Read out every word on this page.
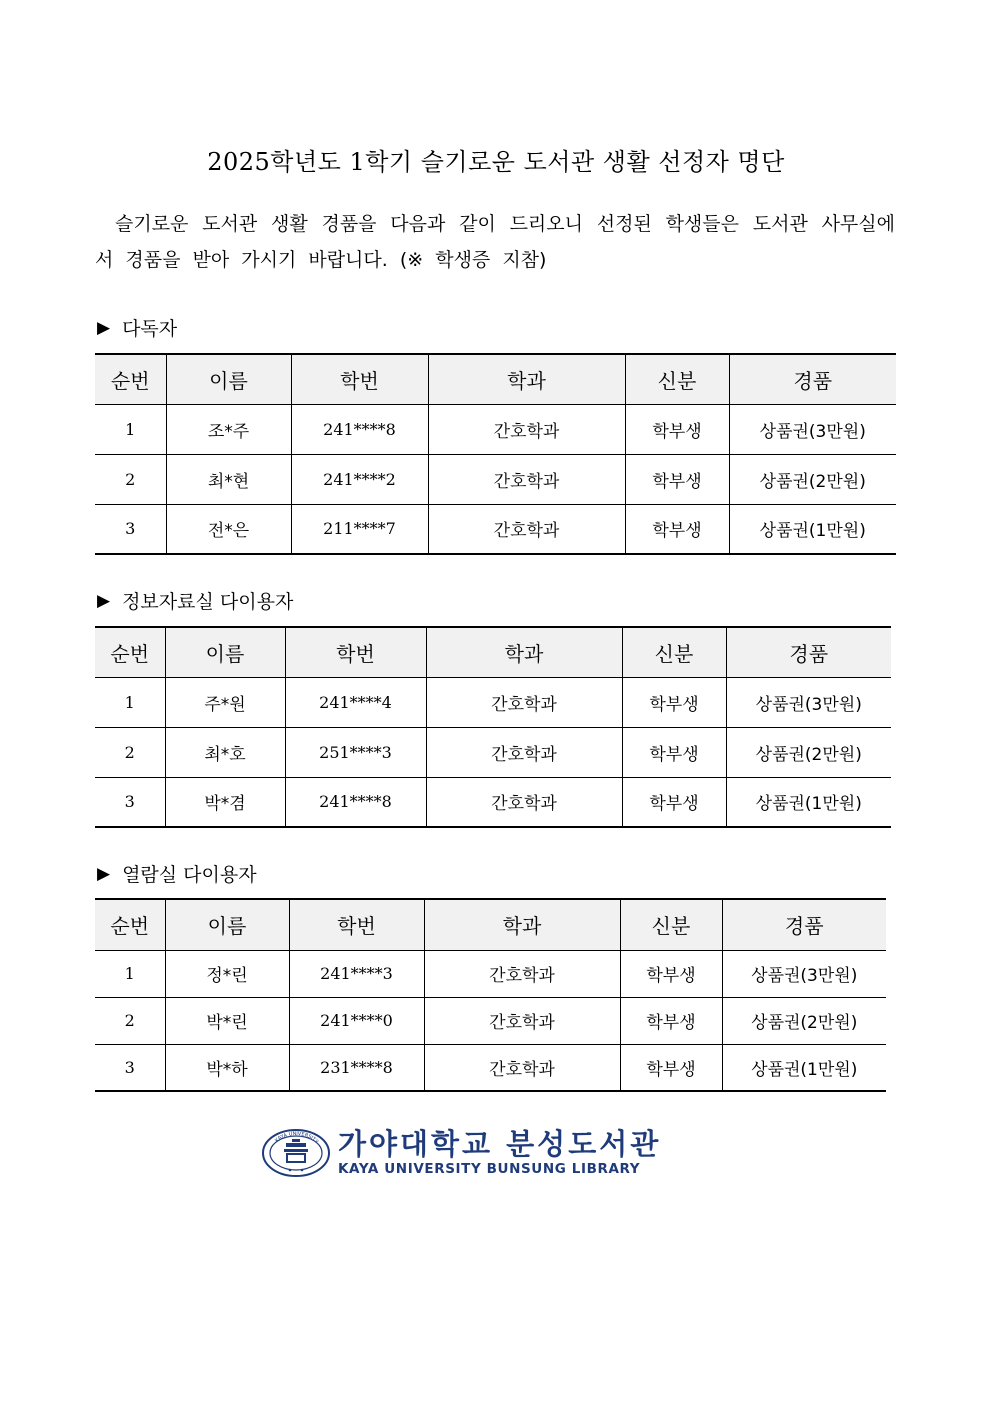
2025학년도 1학기 슬기로운 도서관 생활 선정자 명단

슬기로운 도서관 생활 경품을 다음과 같이 드리오니 선정된 학생들은 도서관 사무실에서 경품을 받아 가시기 바랍니다. (※ 학생증 지참)

▶ 다독자
순번	이름	학번	학과	신분	경품
1	조*주	241****8	간호학과	학부생	상품권(3만원)
2	최*현	241****2	간호학과	학부생	상품권(2만원)
3	전*은	211****7	간호학과	학부생	상품권(1만원)
▶ 정보자료실 다이용자
순번	이름	학번	학과	신분	경품
1	주*원	241****4	간호학과	학부생	상품권(3만원)
2	최*호	251****3	간호학과	학부생	상품권(2만원)
3	박*겸	241****8	간호학과	학부생	상품권(1만원)
▶ 열람실 다이용자
순번	이름	학번	학과	신분	경품
1	정*린	241****3	간호학과	학부생	상품권(3만원)
2	박*린	241****0	간호학과	학부생	상품권(2만원)
3	박*하	231****8	간호학과	학부생	상품권(1만원)
KAYA UNIVERSITY 가야대학교 분성도서관
KAYA UNIVERSITY BUNSUNG LIBRARY
